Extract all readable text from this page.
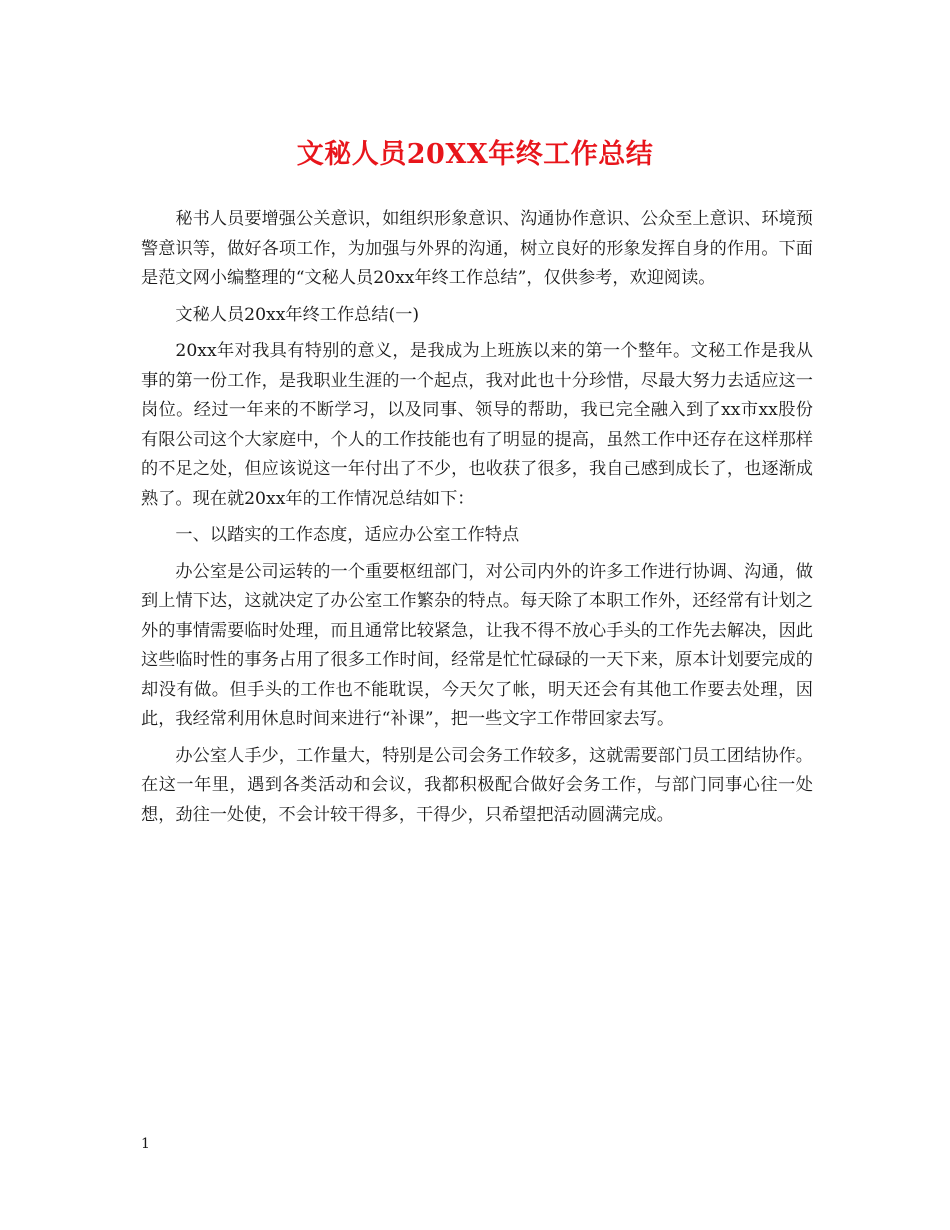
文秘人员20XX年终工作总结

秘书人员要增强公关意识，如组织形象意识、沟通协作意识、公众至上意识、环境预警意识等，做好各项工作，为加强与外界的沟通，树立良好的形象发挥自身的作用。下面是范文网小编整理的“文秘人员20xx年终工作总结”，仅供参考，欢迎阅读。

文秘人员20xx年终工作总结(一)

20xx年对我具有特别的意义，是我成为上班族以来的第一个整年。文秘工作是我从事的第一份工作，是我职业生涯的一个起点，我对此也十分珍惜，尽最大努力去适应这一岗位。经过一年来的不断学习，以及同事、领导的帮助，我已完全融入到了xx市xx股份有限公司这个大家庭中，个人的工作技能也有了明显的提高，虽然工作中还存在这样那样的不足之处，但应该说这一年付出了不少，也收获了很多，我自己感到成长了，也逐渐成熟了。现在就20xx年的工作情况总结如下：

一、以踏实的工作态度，适应办公室工作特点

办公室是公司运转的一个重要枢纽部门，对公司内外的许多工作进行协调、沟通，做到上情下达，这就决定了办公室工作繁杂的特点。每天除了本职工作外，还经常有计划之外的事情需要临时处理，而且通常比较紧急，让我不得不放心手头的工作先去解决，因此这些临时性的事务占用了很多工作时间，经常是忙忙碌碌的一天下来，原本计划要完成的却没有做。但手头的工作也不能耽误，今天欠了帐，明天还会有其他工作要去处理，因此，我经常利用休息时间来进行“补课”，把一些文字工作带回家去写。

办公室人手少，工作量大，特别是公司会务工作较多，这就需要部门员工团结协作。在这一年里，遇到各类活动和会议，我都积极配合做好会务工作，与部门同事心往一处想，劲往一处使，不会计较干得多，干得少，只希望把活动圆满完成。

1
